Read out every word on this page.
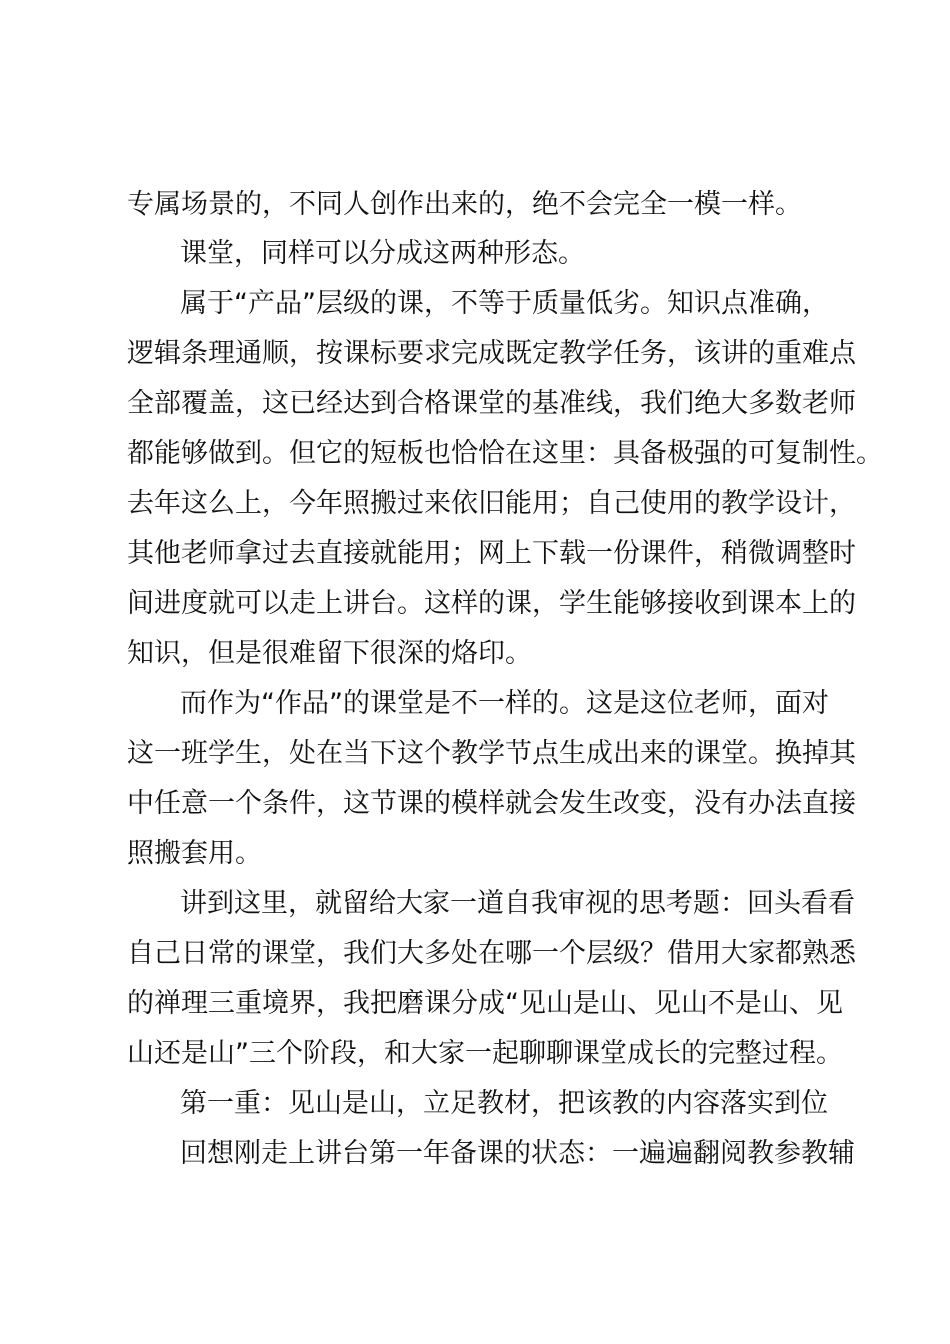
专属场景的，不同人创作出来的，绝不会完全一模一样。
课堂，同样可以分成这两种形态。
属于“产品”层级的课，不等于质量低劣。知识点准确，
逻辑条理通顺，按课标要求完成既定教学任务，该讲的重难点
全部覆盖，这已经达到合格课堂的基准线，我们绝大多数老师
都能够做到。但它的短板也恰恰在这里：具备极强的可复制性。
去年这么上，今年照搬过来依旧能用；自己使用的教学设计，
其他老师拿过去直接就能用；网上下载一份课件，稍微调整时
间进度就可以走上讲台。这样的课，学生能够接收到课本上的
知识，但是很难留下很深的烙印。
而作为“作品”的课堂是不一样的。这是这位老师，面对
这一班学生，处在当下这个教学节点生成出来的课堂。换掉其
中任意一个条件，这节课的模样就会发生改变，没有办法直接
照搬套用。
讲到这里，就留给大家一道自我审视的思考题：回头看看
自己日常的课堂，我们大多处在哪一个层级？借用大家都熟悉
的禅理三重境界，我把磨课分成“见山是山、见山不是山、见
山还是山”三个阶段，和大家一起聊聊课堂成长的完整过程。
第一重：见山是山，立足教材，把该教的内容落实到位
回想刚走上讲台第一年备课的状态：一遍遍翻阅教参教辅
